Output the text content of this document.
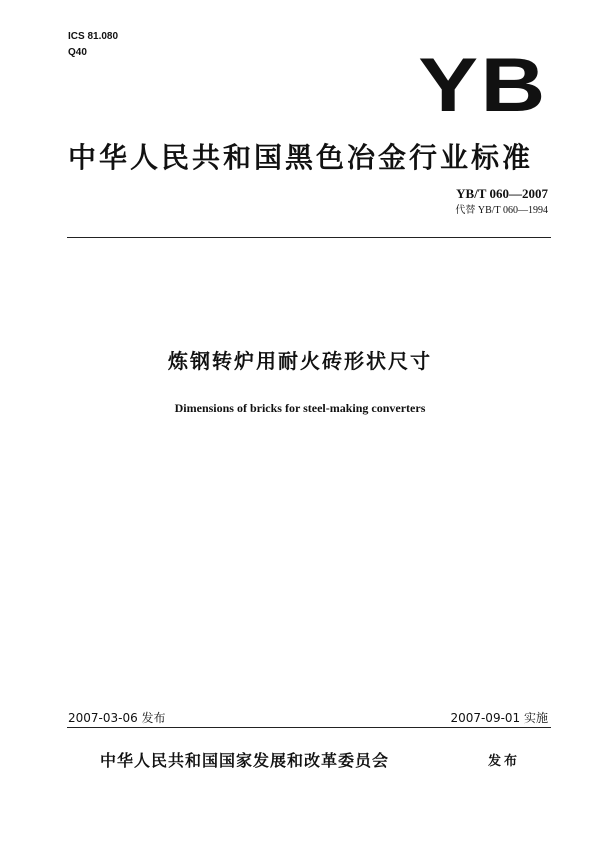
ICS 81.080
Q40	YB
中华人民共和国黑色冶金行业标准
YB/T 060—2007
代替 YB/T 060—1994
炼钢转炉用耐火砖形状尺寸
Dimensions of bricks for steel-making converters
2007-03-06 发布	2007-09-01 实施
中华人民共和国国家发展和改革委员会	发布
